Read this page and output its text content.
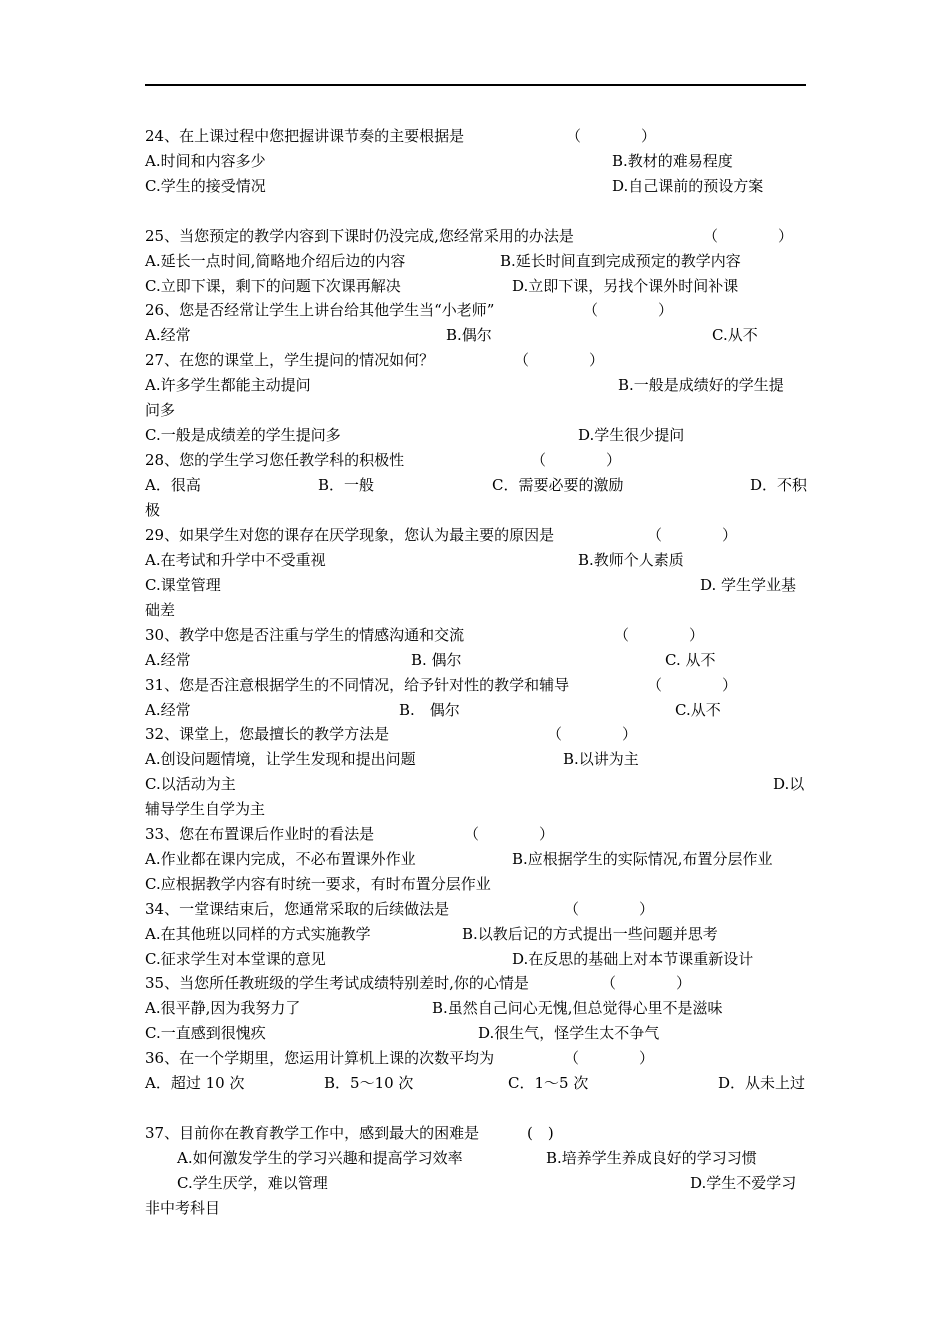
24、在上课过程中您把握讲课节奏的主要根据是	（　　　　）
A.时间和内容多少	B.教材的难易程度
C.学生的接受情况	D.自己课前的预设方案
25、当您预定的教学内容到下课时仍没完成,您经常采用的办法是	（　　　　）
A.延长一点时间,简略地介绍后边的内容	B.延长时间直到完成预定的教学内容
C.立即下课，剩下的问题下次课再解决	D.立即下课，另找个课外时间补课
26、您是否经常让学生上讲台给其他学生当“小老师”	（　　　　）
A.经常	B.偶尔	C.从不
27、在您的课堂上，学生提问的情况如何？	（　　　　）
A.许多学生都能主动提问	B.一般是成绩好的学生提
问多
C.一般是成绩差的学生提问多	D.学生很少提问
28、您的学生学习您任教学科的积极性	（　　　　）
A．很高	B．一般	C．需要必要的激励	D．不积
极
29、如果学生对您的课存在厌学现象，您认为最主要的原因是	（　　　　）
A.在考试和升学中不受重视	B.教师个人素质
C.课堂管理	D. 学生学业基
础差
30、教学中您是否注重与学生的情感沟通和交流	（　　　　）
A.经常	B. 偶尔	C. 从不
31、您是否注意根据学生的不同情况，给予针对性的教学和辅导	（　　　　）
A.经常	B.　偶尔	C.从不
32、课堂上，您最擅长的教学方法是	（　　　　）
A.创设问题情境，让学生发现和提出问题	B.以讲为主
C.以活动为主	D.以
辅导学生自学为主
33、您在布置课后作业时的看法是	（　　　　）
A.作业都在课内完成，不必布置课外作业	B.应根据学生的实际情况,布置分层作业
C.应根据教学内容有时统一要求，有时布置分层作业
34、一堂课结束后，您通常采取的后续做法是	（　　　　）
A.在其他班以同样的方式实施教学	B.以教后记的方式提出一些问题并思考
C.征求学生对本堂课的意见	D.在反思的基础上对本节课重新设计
35、当您所任教班级的学生考试成绩特别差时,你的心情是	（　　　　）
A.很平静,因为我努力了	B.虽然自己问心无愧,但总觉得心里不是滋味
C.一直感到很愧疚	D.很生气，怪学生太不争气
36、在一个学期里，您运用计算机上课的次数平均为	（　　　　）
A．超过 10 次	B．5～10 次	C．1～5 次	D．从未上过
37、目前你在教育教学工作中，感到最大的困难是	(　)
A.如何激发学生的学习兴趣和提高学习效率	B.培养学生养成良好的学习习惯
C.学生厌学，难以管理	D.学生不爱学习
非中考科目
